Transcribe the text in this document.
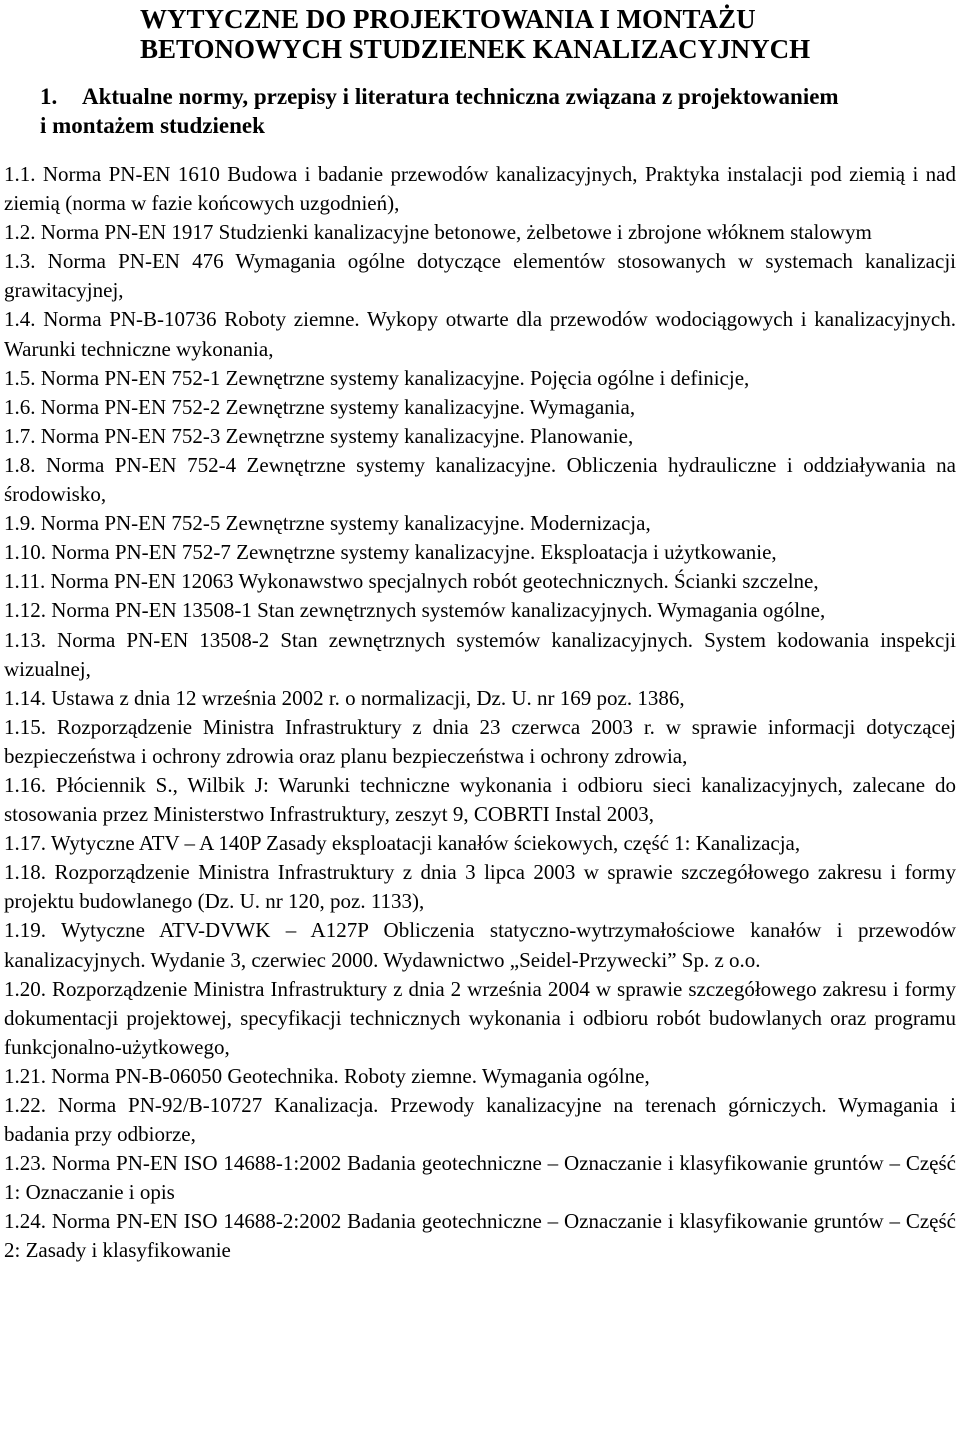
WYTYCZNE DO PROJEKTOWANIA I MONTAŻU
BETONOWYCH STUDZIENEK KANALIZACYJNYCH
1. Aktualne normy, przepisy i literatura techniczna związana z projektowaniem
i montażem studzienek
1.1. Norma PN-EN 1610 Budowa i badanie przewodów kanalizacyjnych, Praktyka instalacji pod ziemią i nad ziemią (norma w fazie końcowych uzgodnień),
1.2. Norma PN-EN 1917 Studzienki kanalizacyjne betonowe, żelbetowe i zbrojone włóknem stalowym
1.3. Norma PN-EN 476 Wymagania ogólne dotyczące elementów stosowanych w systemach kanalizacji grawitacyjnej,
1.4. Norma PN-B-10736 Roboty ziemne. Wykopy otwarte dla przewodów wodociągowych i kanalizacyjnych. Warunki techniczne wykonania,
1.5. Norma PN-EN 752-1 Zewnętrzne systemy kanalizacyjne. Pojęcia ogólne i definicje,
1.6. Norma PN-EN 752-2 Zewnętrzne systemy kanalizacyjne. Wymagania,
1.7. Norma PN-EN 752-3 Zewnętrzne systemy kanalizacyjne. Planowanie,
1.8. Norma PN-EN 752-4 Zewnętrzne systemy kanalizacyjne. Obliczenia hydrauliczne i oddziaływania na środowisko,
1.9. Norma PN-EN 752-5 Zewnętrzne systemy kanalizacyjne. Modernizacja,
1.10. Norma PN-EN 752-7 Zewnętrzne systemy kanalizacyjne. Eksploatacja i użytkowanie,
1.11. Norma PN-EN 12063 Wykonawstwo specjalnych robót geotechnicznych. Ścianki szczelne,
1.12. Norma PN-EN 13508-1 Stan zewnętrznych systemów kanalizacyjnych. Wymagania ogólne,
1.13. Norma PN-EN 13508-2 Stan zewnętrznych systemów kanalizacyjnych. System kodowania inspekcji wizualnej,
1.14. Ustawa z dnia 12 września 2002 r. o normalizacji, Dz. U. nr 169 poz. 1386,
1.15. Rozporządzenie Ministra Infrastruktury z dnia 23 czerwca 2003 r. w sprawie informacji dotyczącej bezpieczeństwa i ochrony zdrowia oraz planu bezpieczeństwa i ochrony zdrowia,
1.16. Płóciennik S., Wilbik J: Warunki techniczne wykonania i odbioru sieci kanalizacyjnych, zalecane do stosowania przez Ministerstwo Infrastruktury, zeszyt 9, COBRTI Instal 2003,
1.17. Wytyczne ATV – A 140P Zasady eksploatacji kanałów ściekowych, część 1: Kanalizacja,
1.18. Rozporządzenie Ministra Infrastruktury z dnia 3 lipca 2003 w sprawie szczegółowego zakresu i formy projektu budowlanego (Dz. U. nr 120, poz. 1133),
1.19. Wytyczne ATV-DVWK – A127P Obliczenia statyczno-wytrzymałościowe kanałów i przewodów kanalizacyjnych. Wydanie 3, czerwiec 2000. Wydawnictwo „Seidel-Przywecki” Sp. z o.o.
1.20. Rozporządzenie Ministra Infrastruktury z dnia 2 września 2004 w sprawie szczegółowego zakresu i formy dokumentacji projektowej, specyfikacji technicznych wykonania i odbioru robót budowlanych oraz programu funkcjonalno-użytkowego,
1.21. Norma PN-B-06050 Geotechnika. Roboty ziemne. Wymagania ogólne,
1.22. Norma PN-92/B-10727 Kanalizacja. Przewody kanalizacyjne na terenach górniczych. Wymagania i badania przy odbiorze,
1.23. Norma PN-EN ISO 14688-1:2002 Badania geotechniczne – Oznaczanie i klasyfikowanie gruntów – Część 1: Oznaczanie i opis
1.24. Norma PN-EN ISO 14688-2:2002 Badania geotechniczne – Oznaczanie i klasyfikowanie gruntów – Część 2: Zasady i klasyfikowanie
